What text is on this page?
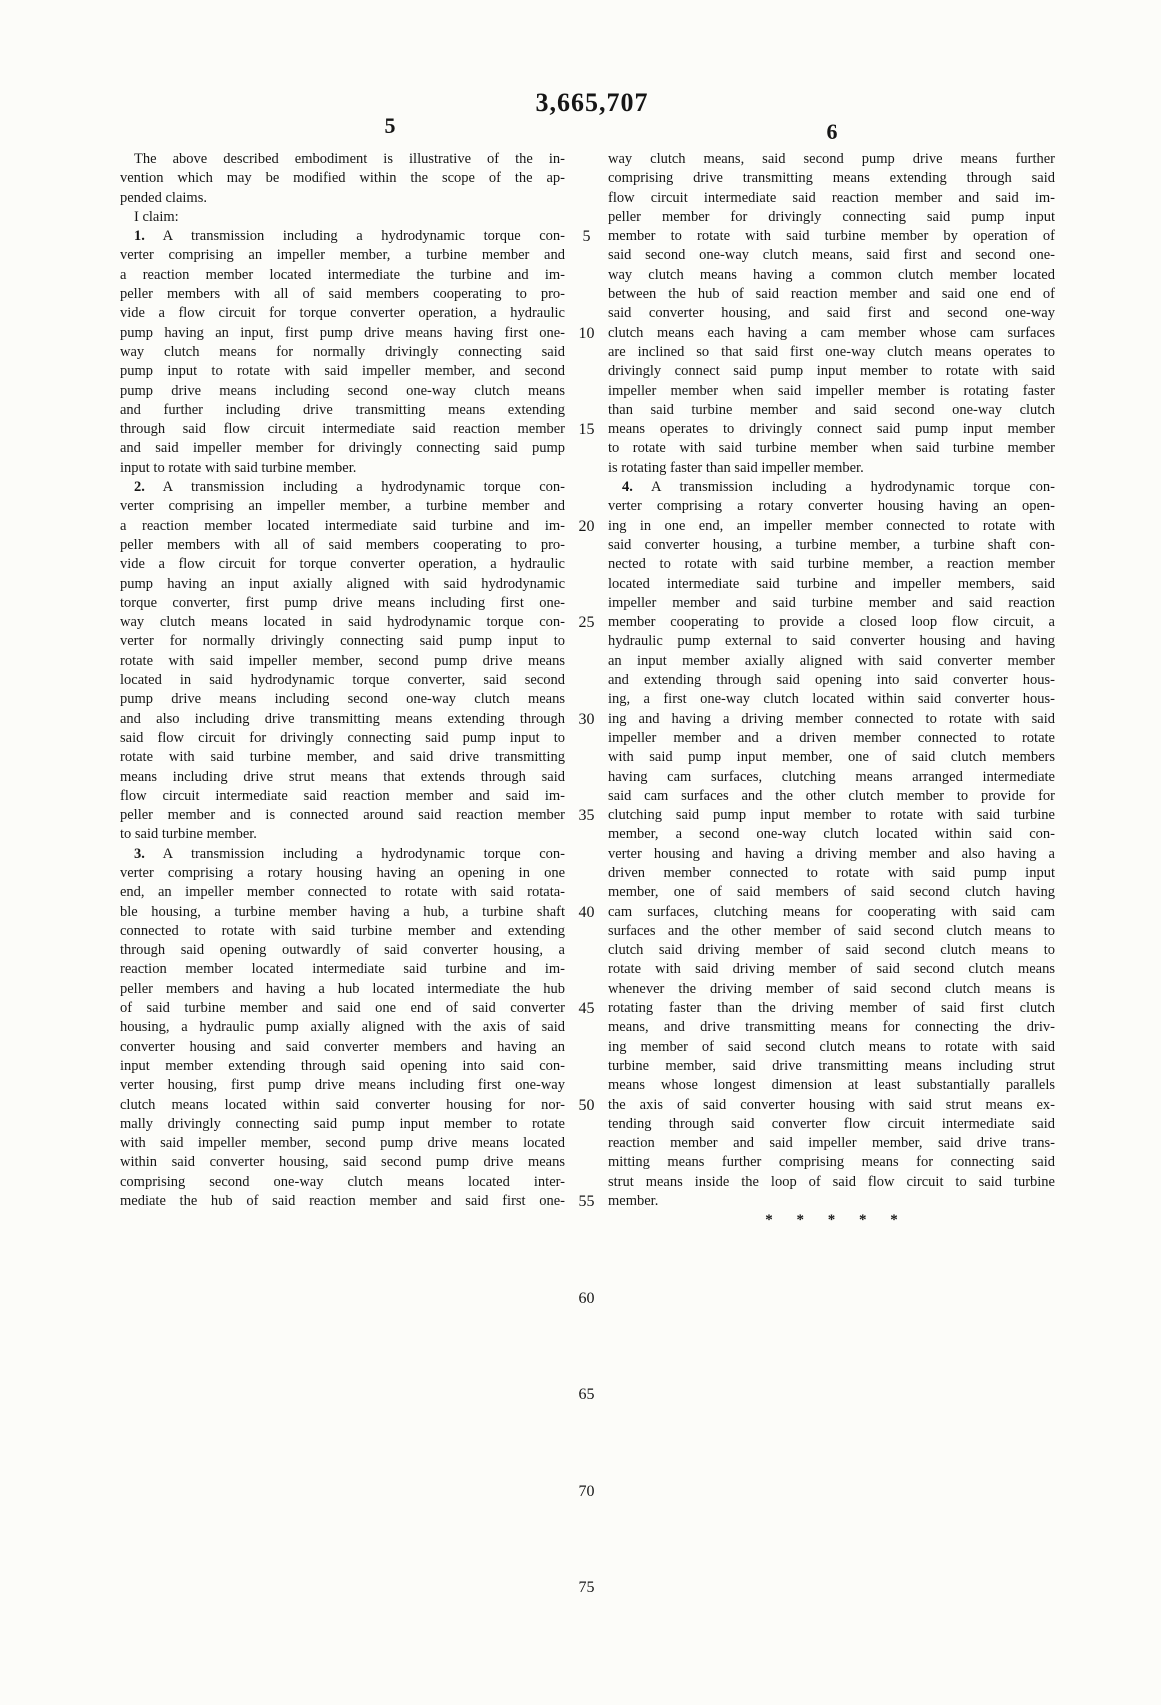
3,665,707
5	6
The above described embodiment is illustrative of the in-
vention which may be modified within the scope of the ap-
pended claims.
I claim:
1. A transmission including a hydrodynamic torque con-
verter comprising an impeller member, a turbine member and
a reaction member located intermediate the turbine and im-
peller members with all of said members cooperating to pro-
vide a flow circuit for torque converter operation, a hydraulic
pump having an input, first pump drive means having first one-
way clutch means for normally drivingly connecting said
pump input to rotate with said impeller member, and second
pump drive means including second one-way clutch means
and further including drive transmitting means extending
through said flow circuit intermediate said reaction member
and said impeller member for drivingly connecting said pump
input to rotate with said turbine member.
2. A transmission including a hydrodynamic torque con-
verter comprising an impeller member, a turbine member and
a reaction member located intermediate said turbine and im-
peller members with all of said members cooperating to pro-
vide a flow circuit for torque converter operation, a hydraulic
pump having an input axially aligned with said hydrodynamic
torque converter, first pump drive means including first one-
way clutch means located in said hydrodynamic torque con-
verter for normally drivingly connecting said pump input to
rotate with said impeller member, second pump drive means
located in said hydrodynamic torque converter, said second
pump drive means including second one-way clutch means
and also including drive transmitting means extending through
said flow circuit for drivingly connecting said pump input to
rotate with said turbine member, and said drive transmitting
means including drive strut means that extends through said
flow circuit intermediate said reaction member and said im-
peller member and is connected around said reaction member
to said turbine member.
3. A transmission including a hydrodynamic torque con-
verter comprising a rotary housing having an opening in one
end, an impeller member connected to rotate with said rotata-
ble housing, a turbine member having a hub, a turbine shaft
connected to rotate with said turbine member and extending
through said opening outwardly of said converter housing, a
reaction member located intermediate said turbine and im-
peller members and having a hub located intermediate the hub
of said turbine member and said one end of said converter
housing, a hydraulic pump axially aligned with the axis of said
converter housing and said converter members and having an
input member extending through said opening into said con-
verter housing, first pump drive means including first one-way
clutch means located within said converter housing for nor-
mally drivingly connecting said pump input member to rotate
with said impeller member, second pump drive means located
within said converter housing, said second pump drive means
comprising second one-way clutch means located inter-
mediate the hub of said reaction member and said first one-
5
10
15
20
25
30
35
40
45
50
55
60
65
70
75
way clutch means, said second pump drive means further
comprising drive transmitting means extending through said
flow circuit intermediate said reaction member and said im-
peller member for drivingly connecting said pump input
member to rotate with said turbine member by operation of
said second one-way clutch means, said first and second one-
way clutch means having a common clutch member located
between the hub of said reaction member and said one end of
said converter housing, and said first and second one-way
clutch means each having a cam member whose cam surfaces
are inclined so that said first one-way clutch means operates to
drivingly connect said pump input member to rotate with said
impeller member when said impeller member is rotating faster
than said turbine member and said second one-way clutch
means operates to drivingly connect said pump input member
to rotate with said turbine member when said turbine member
is rotating faster than said impeller member.
4. A transmission including a hydrodynamic torque con-
verter comprising a rotary converter housing having an open-
ing in one end, an impeller member connected to rotate with
said converter housing, a turbine member, a turbine shaft con-
nected to rotate with said turbine member, a reaction member
located intermediate said turbine and impeller members, said
impeller member and said turbine member and said reaction
member cooperating to provide a closed loop flow circuit, a
hydraulic pump external to said converter housing and having
an input member axially aligned with said converter member
and extending through said opening into said converter hous-
ing, a first one-way clutch located within said converter hous-
ing and having a driving member connected to rotate with said
impeller member and a driven member connected to rotate
with said pump input member, one of said clutch members
having cam surfaces, clutching means arranged intermediate
said cam surfaces and the other clutch member to provide for
clutching said pump input member to rotate with said turbine
member, a second one-way clutch located within said con-
verter housing and having a driving member and also having a
driven member connected to rotate with said pump input
member, one of said members of said second clutch having
cam surfaces, clutching means for cooperating with said cam
surfaces and the other member of said second clutch means to
clutch said driving member of said second clutch means to
rotate with said driving member of said second clutch means
whenever the driving member of said second clutch means is
rotating faster than the driving member of said first clutch
means, and drive transmitting means for connecting the driv-
ing member of said second clutch means to rotate with said
turbine member, said drive transmitting means including strut
means whose longest dimension at least substantially parallels
the axis of said converter housing with said strut means ex-
tending through said converter flow circuit intermediate said
reaction member and said impeller member, said drive trans-
mitting means further comprising means for connecting said
strut means inside the loop of said flow circuit to said turbine
member.
* * * * *
